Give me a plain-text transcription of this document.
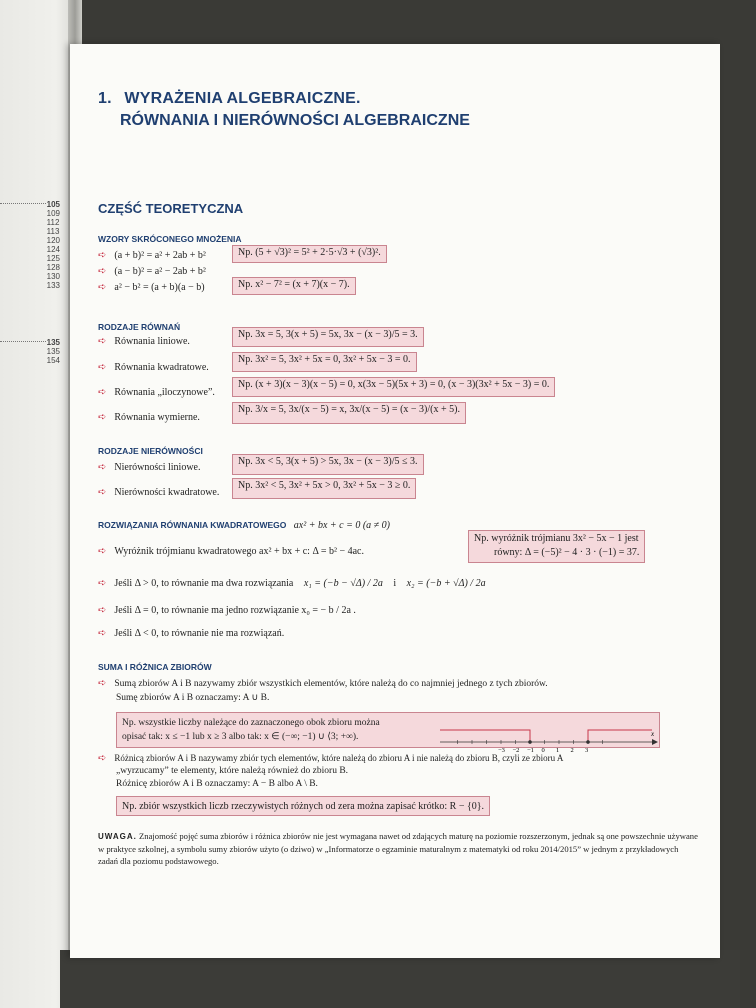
105
109
112
113
120
124
125
128
130
133
135
135
154
1. WYRAŻENIA ALGEBRAICZNE.
RÓWNANIA I NIERÓWNOŚCI ALGEBRAICZNE
CZĘŚĆ TEORETYCZNA
WZORY SKRÓCONEGO MNOŻENIA
➪ (a + b)² = a² + 2ab + b²
➪ (a − b)² = a² − 2ab + b²
➪ a² − b² = (a + b)(a − b)
Np. (5 + √3)² = 5² + 2·5·√3 + (√3)².
Np. x² − 7² = (x + 7)(x − 7).
RODZAJE RÓWNAŃ
➪ Równania liniowe.
Np. 3x = 5, 3(x + 5) = 5x, 3x − (x − 3)/5 = 3.
➪ Równania kwadratowe.
Np. 3x² = 5, 3x² + 5x = 0, 3x² + 5x − 3 = 0.
➪ Równania „iloczynowe”.
Np. (x + 3)(x − 3)(x − 5) = 0, x(3x − 5)(5x + 3) = 0, (x − 3)(3x² + 5x − 3) = 0.
➪ Równania wymierne.
Np. 3/x = 5, 3x/(x − 5) = x, 3x/(x − 5) = (x − 3)/(x + 5).
RODZAJE NIERÓWNOŚCI
➪ Nierówności liniowe.
Np. 3x < 5, 3(x + 5) > 5x, 3x − (x − 3)/5 ≤ 3.
➪ Nierówności kwadratowe.
Np. 3x² < 5, 3x² + 5x > 0, 3x² + 5x − 3 ≥ 0.
ROZWIĄZANIA RÓWNANIA KWADRATOWEGO ax² + bx + c = 0 (a ≠ 0)
➪ Wyróżnik trójmianu kwadratowego ax² + bx + c: Δ = b² − 4ac.
Np. wyróżnik trójmianu 3x² − 5x − 1 jest
równy: Δ = (−5)² − 4 · 3 · (−1) = 37.
➪ Jeśli Δ > 0, to równanie ma dwa rozwiązania x₁ = (−b − √Δ) / 2a i x₂ = (−b + √Δ) / 2a
➪ Jeśli Δ = 0, to równanie ma jedno rozwiązanie x₀ = − b / 2a .
➪ Jeśli Δ < 0, to równanie nie ma rozwiązań.
SUMA I RÓŻNICA ZBIORÓW
➪ Sumą zbiorów A i B nazywamy zbiór wszystkich elementów, które należą do co najmniej jednego z tych zbiorów.
Sumę zbiorów A i B oznaczamy: A ∪ B.
Np. wszystkie liczby należące do zaznaczonego obok zbioru można
opisać tak: x ≤ −1 lub x ≥ 3 albo tak: x ∈ (−∞; −1) ∪ ⟨3; +∞).
−3 −2 −1 0 1 2 3
x
➪ Różnicą zbiorów A i B nazywamy zbiór tych elementów, które należą do zbioru A i nie należą do zbioru B, czyli ze zbioru A
„wyrzucamy” te elementy, które należą również do zbioru B.
Różnicę zbiorów A i B oznaczamy: A − B albo A \ B.
Np. zbiór wszystkich liczb rzeczywistych różnych od zera można zapisać krótko: R − {0}.
UWAGA. Znajomość pojęć suma zbiorów i różnica zbiorów nie jest wymagana nawet od zdających maturę na poziomie rozszerzonym, jednak są one powszechnie używane w praktyce szkolnej, a symbolu sumy zbiorów użyto (o dziwo) w „Informatorze o egzaminie maturalnym z matematyki od roku 2014/2015” w jednym z przykładowych zadań dla poziomu podstawowego.
